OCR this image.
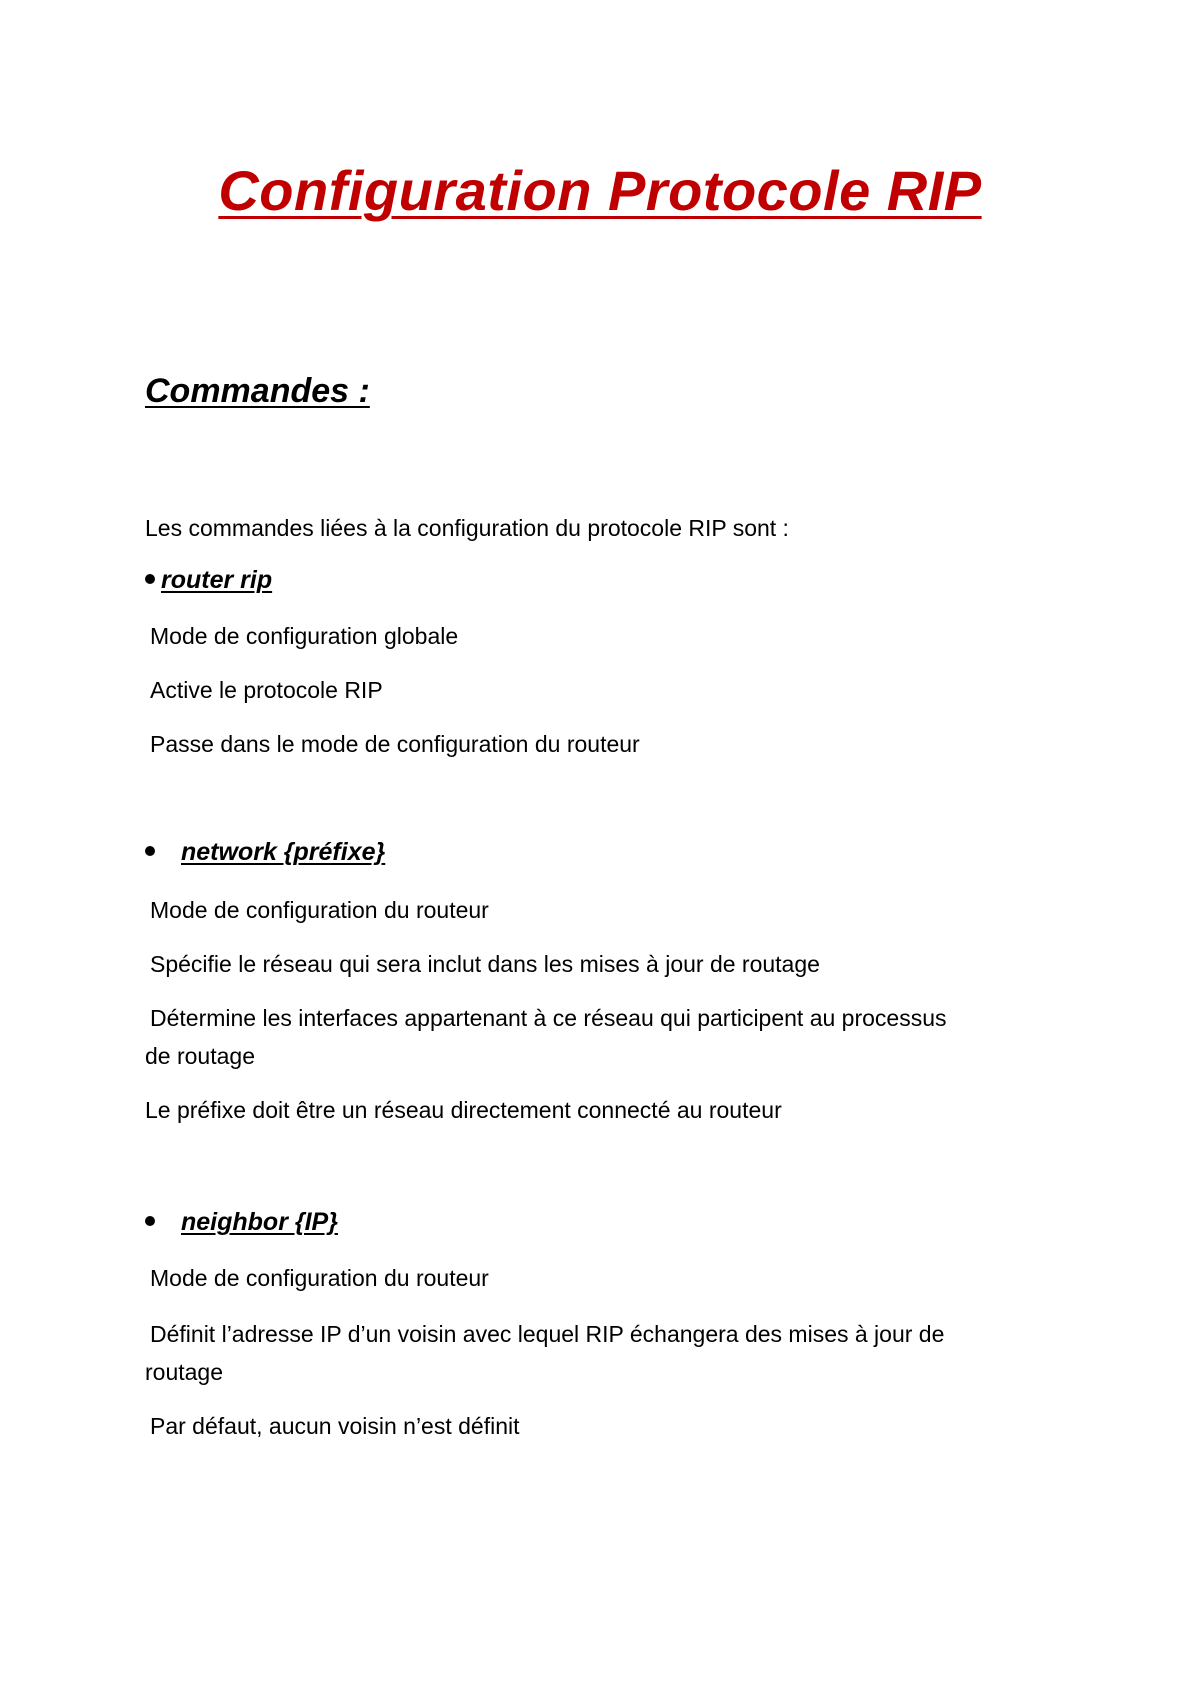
Configuration Protocole RIP
Commandes :
Les commandes liées à la configuration du protocole RIP sont :
router rip
Mode de configuration globale
Active le protocole RIP
Passe dans le mode de configuration du routeur
network {préfixe}
Mode de configuration du routeur
Spécifie le réseau qui sera inclut dans les mises à jour de routage
Détermine les interfaces appartenant à ce réseau qui participent au processus
de routage
Le préfixe doit être un réseau directement connecté au routeur
neighbor {IP}
Mode de configuration du routeur
Définit l’adresse IP d’un voisin avec lequel RIP échangera des mises à jour de
routage
Par défaut, aucun voisin n’est définit
